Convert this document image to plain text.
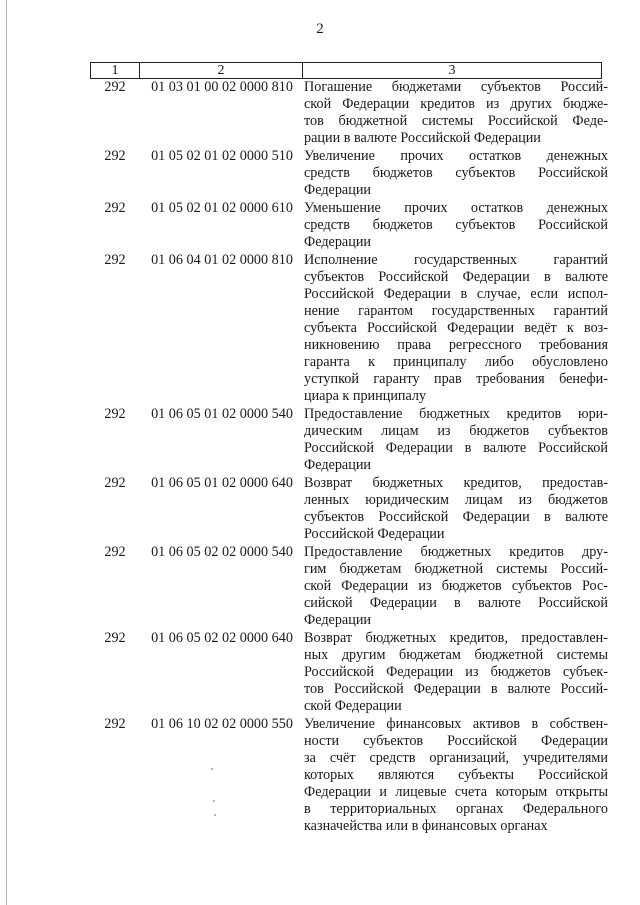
2
1	2	3
292	01 03 01 00 02 0000 810 Погашение бюджетами субъектов Россий-
ской Федерации кредитов из других бюдже-
тов бюджетной системы Российской Феде-
рации в валюте Российской Федерации
292	01 05 02 01 02 0000 510 Увеличение прочих остатков денежных
средств бюджетов субъектов Российской
Федерации
292	01 05 02 01 02 0000 610 Уменьшение прочих остатков денежных
средств бюджетов субъектов Российской
Федерации
292	01 06 04 01 02 0000 810 Исполнение государственных гарантий
субъектов Российской Федерации в валюте
Российской Федерации в случае, если испол-
нение гарантом государственных гарантий
субъекта Российской Федерации ведёт к воз-
никновению права регрессного требования
гаранта к принципалу либо обусловлено
уступкой гаранту прав требования бенефи-
циара к принципалу
292	01 06 05 01 02 0000 540 Предоставление бюджетных кредитов юри-
дическим лицам из бюджетов субъектов
Российской Федерации в валюте Российской
Федерации
292	01 06 05 01 02 0000 640 Возврат бюджетных кредитов, предостав-
ленных юридическим лицам из бюджетов
субъектов Российской Федерации в валюте
Российской Федерации
292	01 06 05 02 02 0000 540 Предоставление бюджетных кредитов дру-
гим бюджетам бюджетной системы Россий-
ской Федерации из бюджетов субъектов Рос-
сийской Федерации в валюте Российской
Федерации
292	01 06 05 02 02 0000 640 Возврат бюджетных кредитов, предоставлен-
ных другим бюджетам бюджетной системы
Российской Федерации из бюджетов субъек-
тов Российской Федерации в валюте Россий-
ской Федерации
292	01 06 10 02 02 0000 550 Увеличение финансовых активов в собствен-
ности субъектов Российской Федерации
за счёт средств организаций, учредителями
которых являются субъекты Российской
Федерации и лицевые счета которым открыты
в территориальных органах Федерального
казначейства или в финансовых органах
